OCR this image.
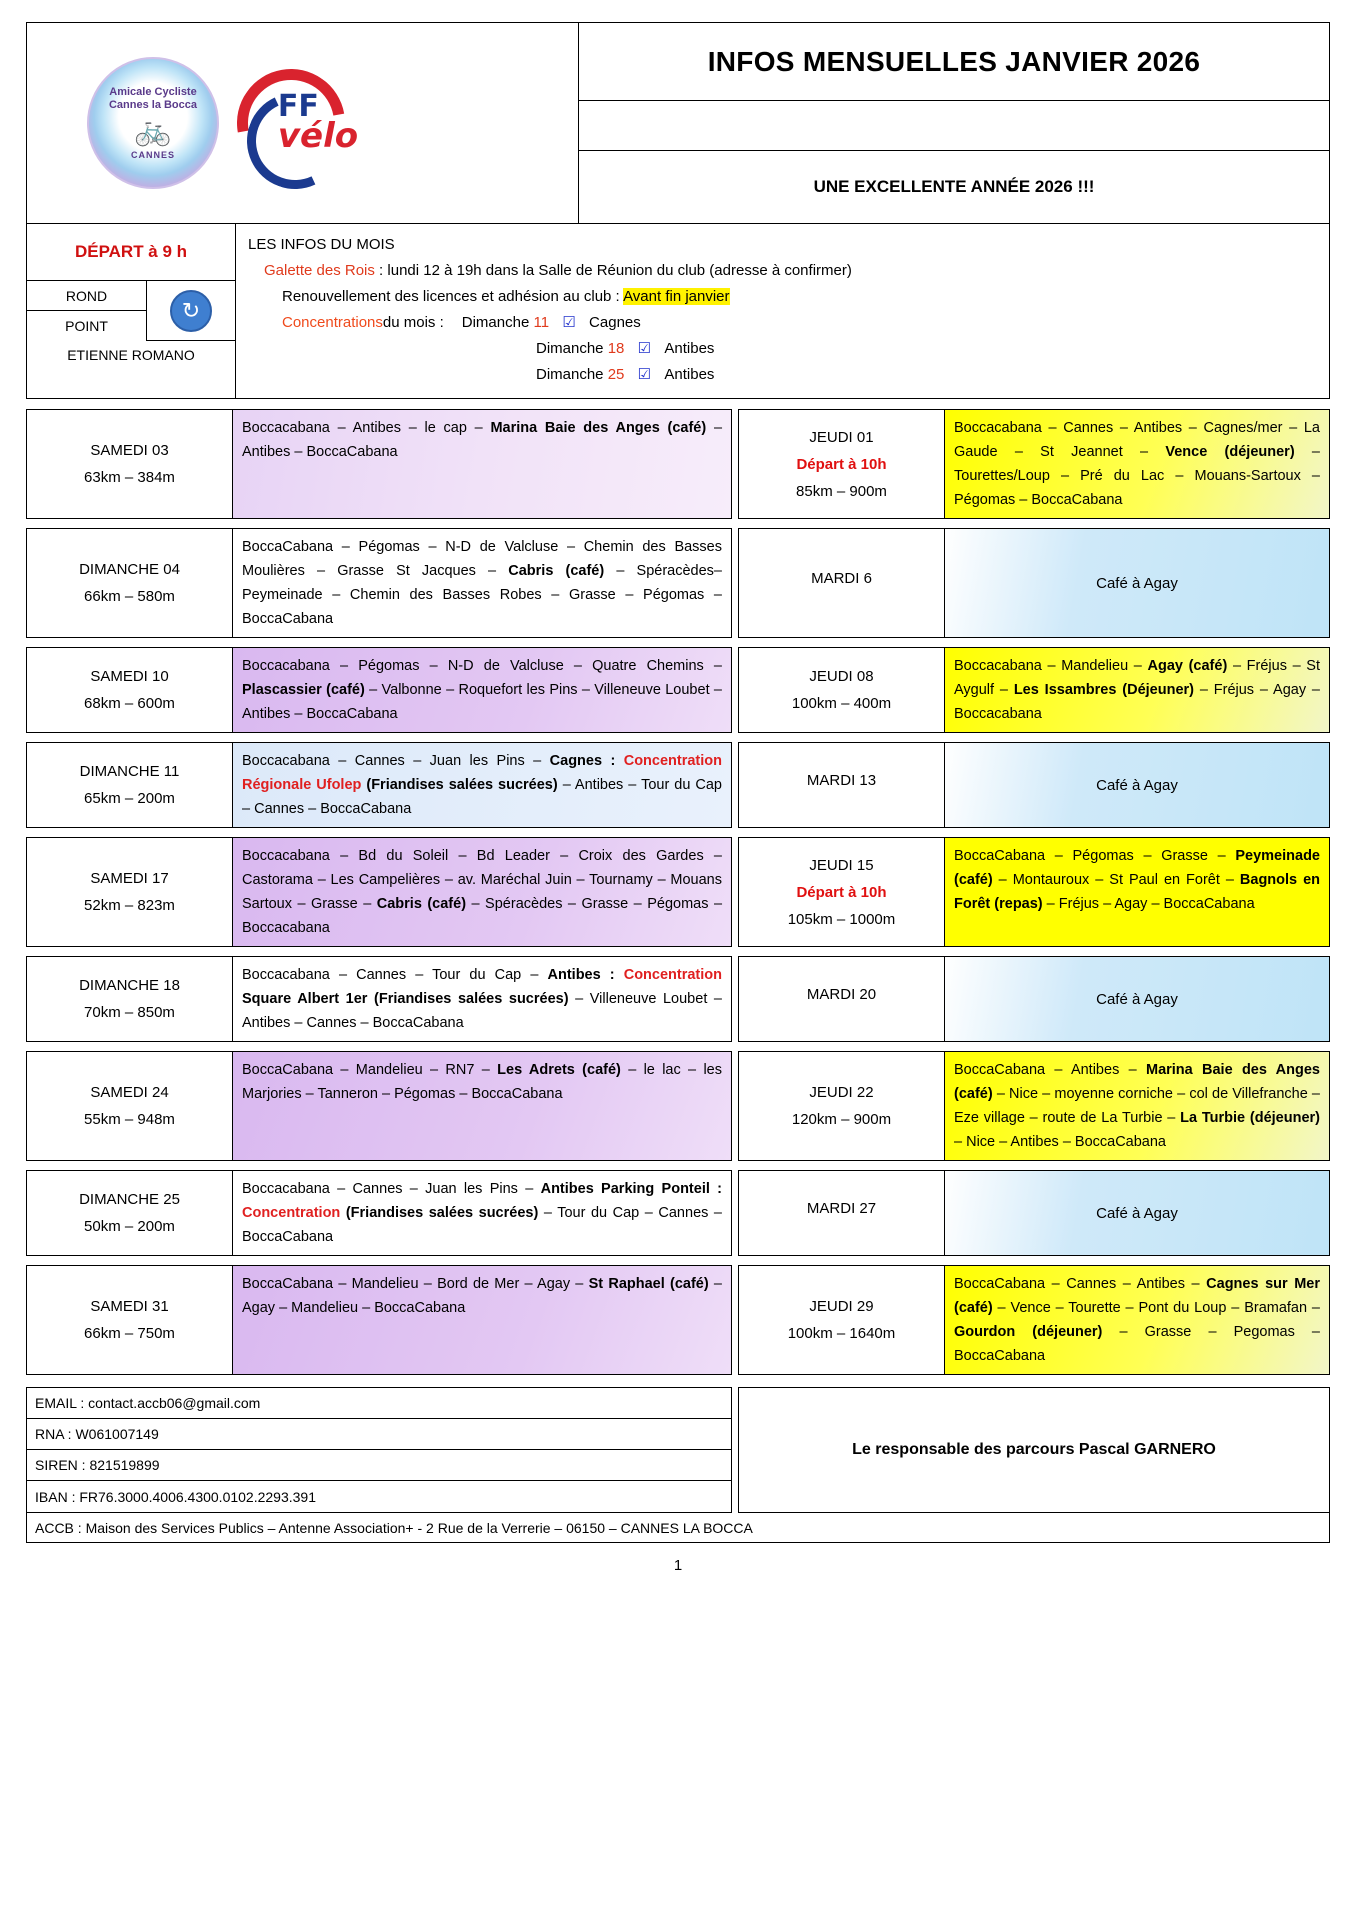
Amicale Cycliste
Cannes la Bocca
🚲
CANNES
FF
vélo
INFOS MENSUELLES JANVIER 2026
UNE EXCELLENTE ANNÉE 2026 !!!
DÉPART à 9 h
ROND
POINT
↻
ETIENNE ROMANO
LES INFOS DU MOIS
Galette des Rois : lundi 12 à 19h dans la Salle de Réunion du club (adresse à confirmer)
Renouvellement des licences et adhésion au club : Avant fin janvier
Concentrations du mois : Dimanche 11 ☑ Cagnes
Dimanche 18 ☑ Antibes
Dimanche 25 ☑ Antibes
SAMEDI 03
63km – 384m
Boccacabana – Antibes – le cap – Marina Baie des Anges (café) – Antibes – BoccaCabana
JEUDI 01
Départ à 10h
85km – 900m
Boccacabana – Cannes – Antibes – Cagnes/mer – La Gaude – St Jeannet – Vence (déjeuner) – Tourettes/Loup – Pré du Lac – Mouans-Sartoux – Pégomas – BoccaCabana
DIMANCHE 04
66km – 580m
BoccaCabana – Pégomas – N-D de Valcluse – Chemin des Basses Moulières – Grasse St Jacques – Cabris (café) – Spéracèdes– Peymeinade – Chemin des Basses Robes – Grasse – Pégomas – BoccaCabana
MARDI 6	Café à Agay
SAMEDI 10
68km – 600m
Boccacabana – Pégomas – N-D de Valcluse – Quatre Chemins – Plascassier (café) – Valbonne – Roquefort les Pins – Villeneuve Loubet – Antibes – BoccaCabana
JEUDI 08
100km – 400m
Boccacabana – Mandelieu – Agay (café) – Fréjus – St Aygulf – Les Issambres (Déjeuner) – Fréjus – Agay – Boccacabana
DIMANCHE 11
65km – 200m
Boccacabana – Cannes – Juan les Pins – Cagnes : Concentration Régionale Ufolep (Friandises salées sucrées) – Antibes – Tour du Cap – Cannes – BoccaCabana
MARDI 13	Café à Agay
SAMEDI 17
52km – 823m
Boccacabana – Bd du Soleil – Bd Leader – Croix des Gardes – Castorama – Les Campelières – av. Maréchal Juin – Tournamy – Mouans Sartoux – Grasse – Cabris (café) – Spéracèdes – Grasse – Pégomas – Boccacabana
JEUDI 15
Départ à 10h
105km – 1000m
BoccaCabana – Pégomas – Grasse – Peymeinade (café) – Montauroux – St Paul en Forêt – Bagnols en Forêt (repas) – Fréjus – Agay – BoccaCabana
DIMANCHE 18
70km – 850m
Boccacabana – Cannes – Tour du Cap – Antibes : Concentration Square Albert 1er (Friandises salées sucrées) – Villeneuve Loubet – Antibes – Cannes – BoccaCabana
MARDI 20	Café à Agay
SAMEDI 24
55km – 948m
BoccaCabana – Mandelieu – RN7 – Les Adrets (café) – le lac – les Marjories – Tanneron – Pégomas – BoccaCabana	JEUDI 22
120km – 900m
BoccaCabana – Antibes – Marina Baie des Anges (café) – Nice – moyenne corniche – col de Villefranche – Eze village – route de La Turbie – La Turbie (déjeuner) – Nice – Antibes – BoccaCabana
DIMANCHE 25
50km – 200m
Boccacabana – Cannes – Juan les Pins – Antibes Parking Ponteil : Concentration (Friandises salées sucrées) – Tour du Cap – Cannes – BoccaCabana
MARDI 27	Café à Agay
SAMEDI 31
66km – 750m
BoccaCabana – Mandelieu – Bord de Mer – Agay – St Raphael (café) – Agay – Mandelieu – BoccaCabana	JEUDI 29
100km – 1640m
BoccaCabana – Cannes – Antibes – Cagnes sur Mer (café) – Vence – Tourette – Pont du Loup – Bramafan – Gourdon (déjeuner) – Grasse – Pegomas – BoccaCabana
EMAIL : contact.accb06@gmail.com
RNA : W061007149
SIREN : 821519899
IBAN : FR76.3000.4006.4300.0102.2293.391
Le responsable des parcours Pascal GARNERO
ACCB : Maison des Services Publics – Antenne Association+ - 2 Rue de la Verrerie – 06150 – CANNES LA BOCCA
1
